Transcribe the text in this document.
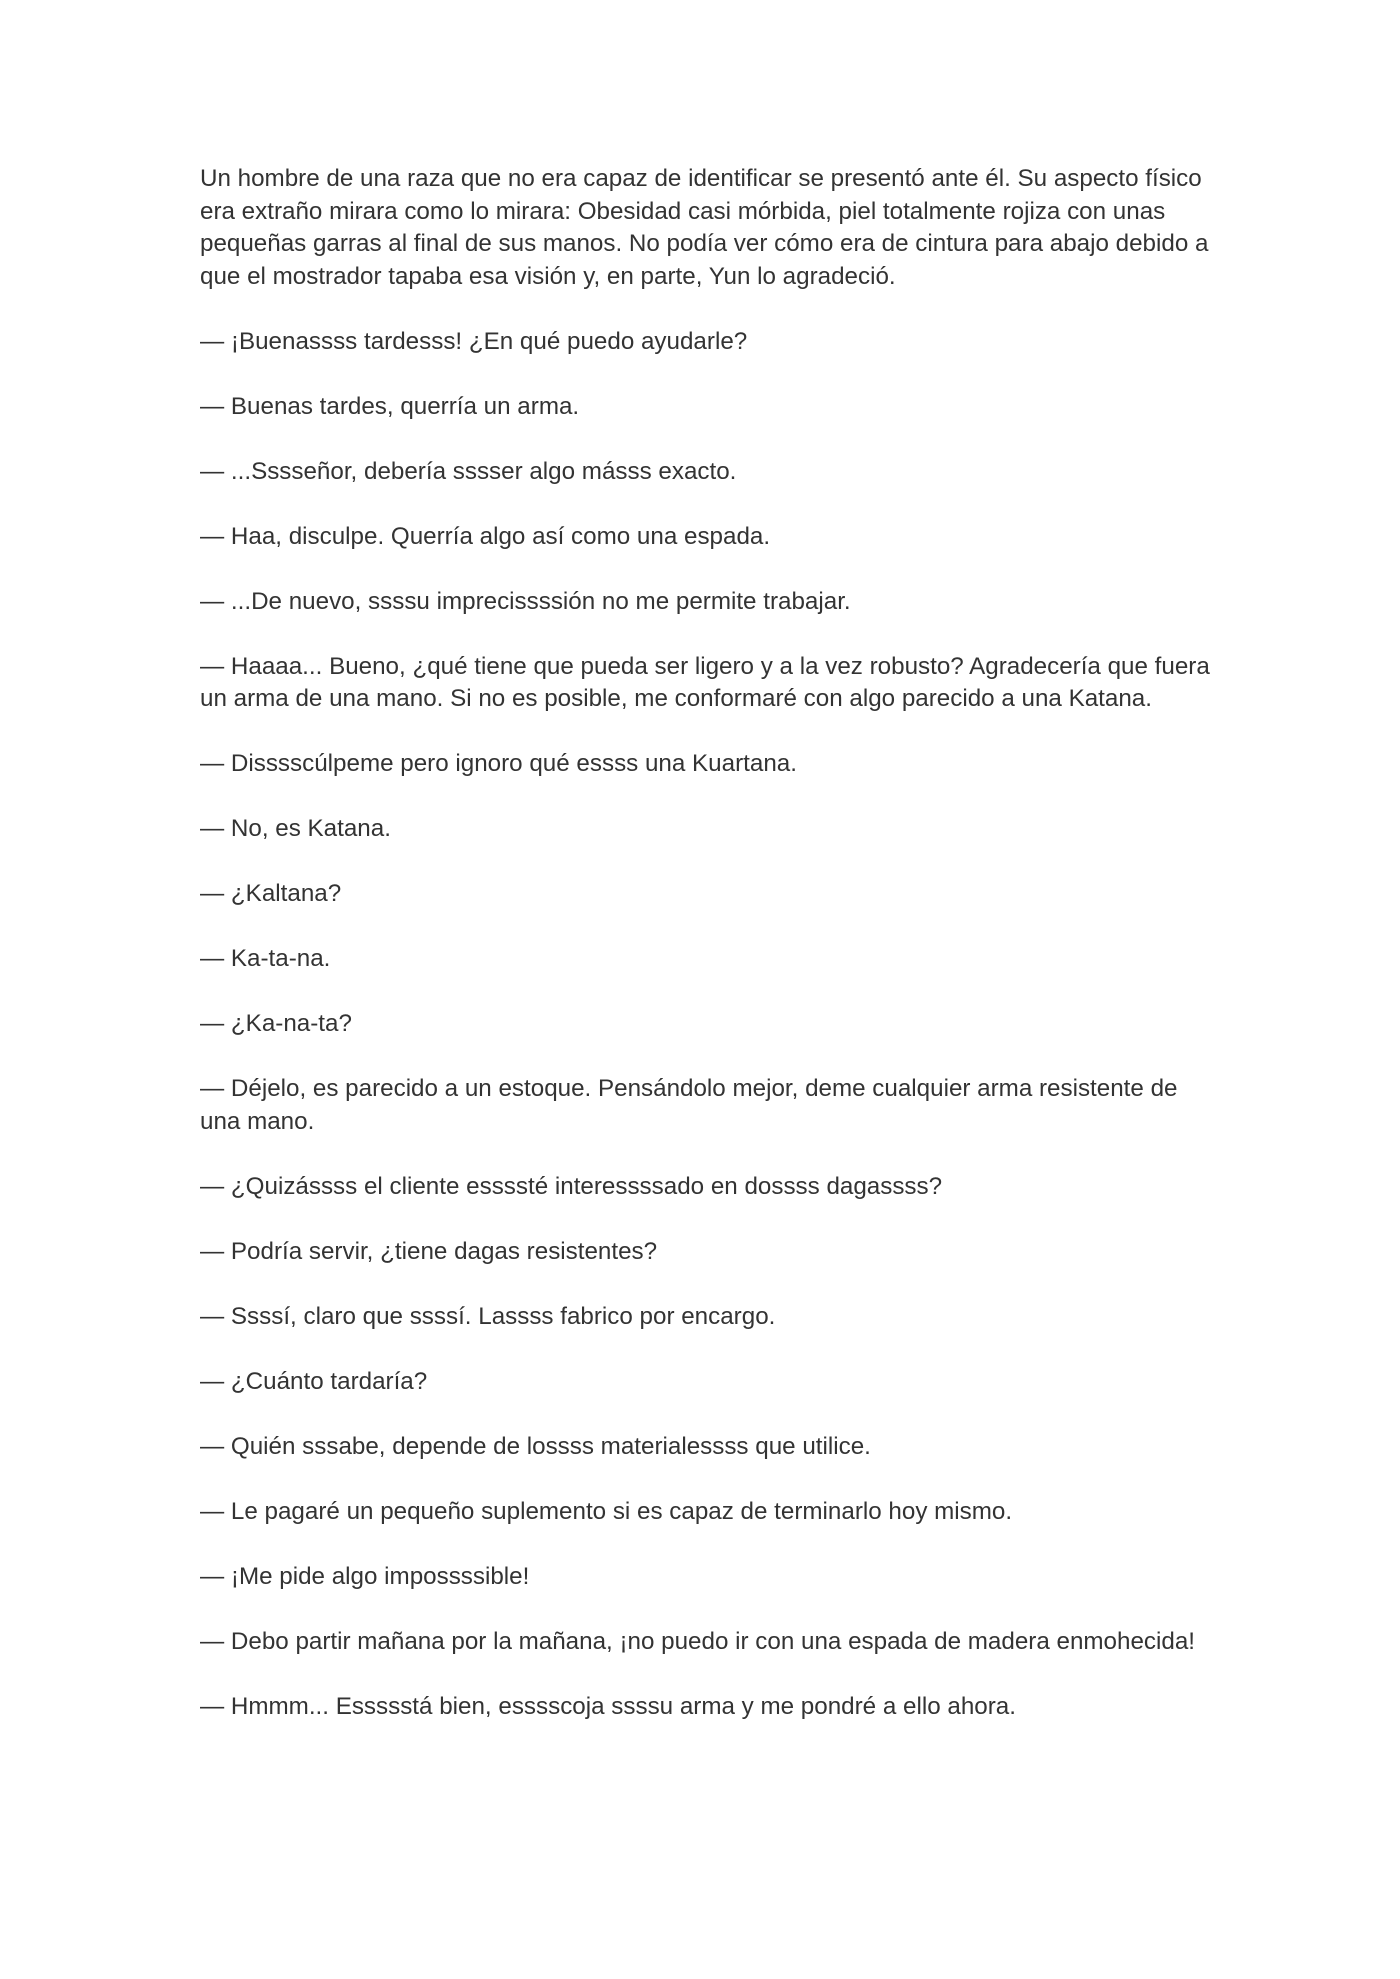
Un hombre de una raza que no era capaz de identificar se presentó ante él. Su aspecto físico era extraño mirara como lo mirara: Obesidad casi mórbida, piel totalmente rojiza con unas pequeñas garras al final de sus manos. No podía ver cómo era de cintura para abajo debido a que el mostrador tapaba esa visión y, en parte, Yun lo agradeció.

— ¡Buenassss tardesss! ¿En qué puedo ayudarle?

— Buenas tardes, querría un arma.

— ...Sssseñor, debería sssser algo másss exacto.

— Haa, disculpe. Querría algo así como una espada.

— ...De nuevo, ssssu imprecissssión no me permite trabajar.

— Haaaa... Bueno, ¿qué tiene que pueda ser ligero y a la vez robusto? Agradecería que fuera un arma de una mano. Si no es posible, me conformaré con algo parecido a una Katana.

— Disssscúlpeme pero ignoro qué essss una Kuartana.

— No, es Katana.

— ¿Kaltana?

— Ka-ta-na.

— ¿Ka-na-ta?

— Déjelo, es parecido a un estoque. Pensándolo mejor, deme cualquier arma resistente de una mano.

— ¿Quizássss el cliente essssté interessssado en dossss dagassss?

— Podría servir, ¿tiene dagas resistentes?

— Ssssí, claro que ssssí. Lassss fabrico por encargo.

— ¿Cuánto tardaría?

— Quién sssabe, depende de lossss materialessss que utilice.

— Le pagaré un pequeño suplemento si es capaz de terminarlo hoy mismo.

— ¡Me pide algo impossssible!

— Debo partir mañana por la mañana, ¡no puedo ir con una espada de madera enmohecida!

— Hmmm... Essssstá bien, esssscoja ssssu arma y me pondré a ello ahora.
